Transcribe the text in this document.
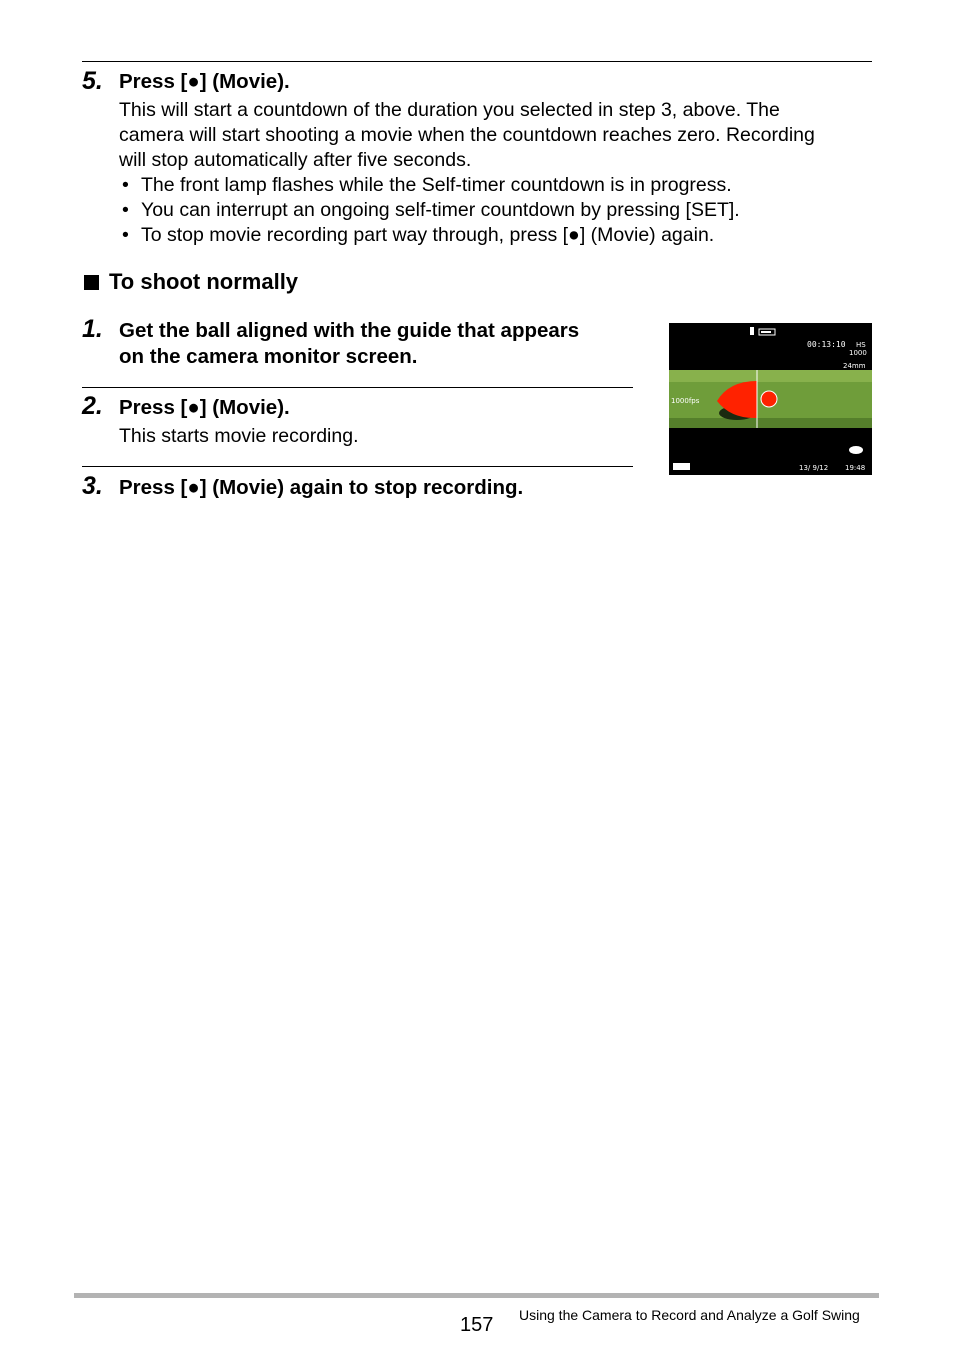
5. Press [●] (Movie).
This will start a countdown of the duration you selected in step 3, above. The
camera will start shooting a movie when the countdown reaches zero. Recording
will stop automatically after five seconds.
• The front lamp flashes while the Self-timer countdown is in progress.
• You can interrupt an ongoing self-timer countdown by pressing [SET].
• To stop movie recording part way through, press [●] (Movie) again.
To shoot normally
1. Get the ball aligned with the guide that appears
on the camera monitor screen.
2. Press [●] (Movie).
This starts movie recording.
3. Press [●] (Movie) again to stop recording.
00:13:10 HS
1000
24mm
1000fps
13/ 9/12 19:48
157 Using the Camera to Record and Analyze a Golf Swing
